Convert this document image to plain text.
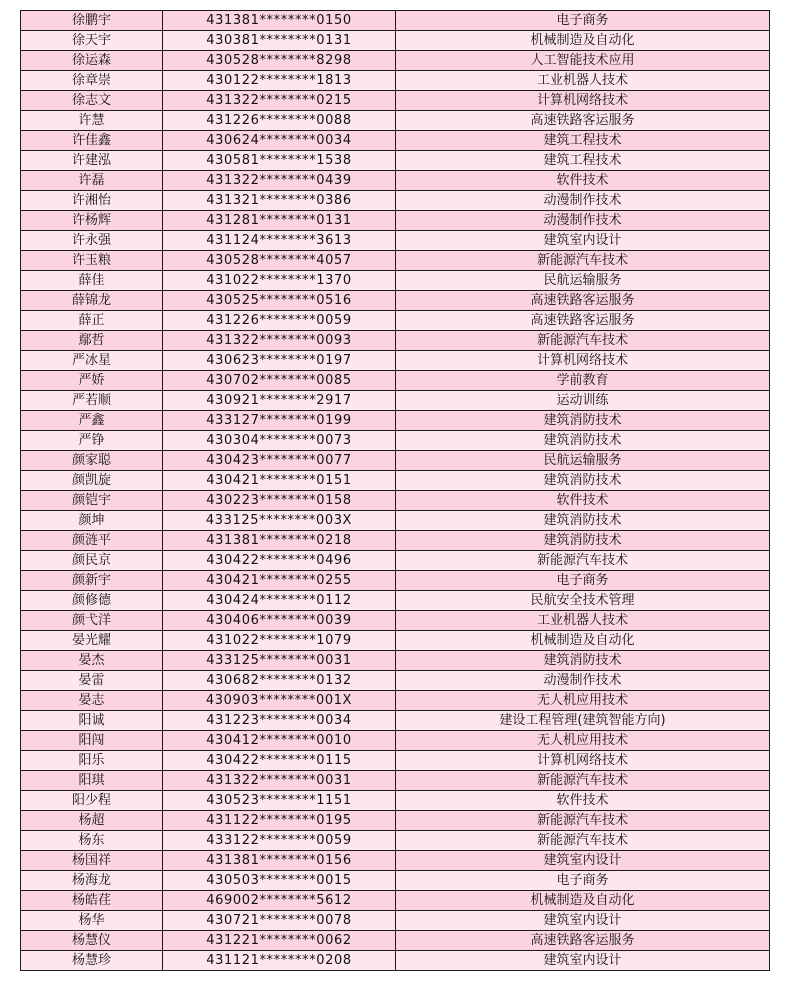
徐鹏宇	431381********0150	电子商务
徐天宇	430381********0131	机械制造及自动化
徐运森	430528********8298	人工智能技术应用
徐章崇	430122********1813	工业机器人技术
徐志文	431322********0215	计算机网络技术
许慧	431226********0088	高速铁路客运服务
许佳鑫	430624********0034	建筑工程技术
许建泓	430581********1538	建筑工程技术
许磊	431322********0439	软件技术
许湘怡	431321********0386	动漫制作技术
许杨辉	431281********0131	动漫制作技术
许永强	431124********3613	建筑室内设计
许玉粮	430528********4057	新能源汽车技术
薛佳	431022********1370	民航运输服务
薛锦龙	430525********0516	高速铁路客运服务
薛正	431226********0059	高速铁路客运服务
鄢哲	431322********0093	新能源汽车技术
严冰星	430623********0197	计算机网络技术
严娇	430702********0085	学前教育
严若顺	430921********2917	运动训练
严鑫	433127********0199	建筑消防技术
严铮	430304********0073	建筑消防技术
颜家聪	430423********0077	民航运输服务
颜凯旋	430421********0151	建筑消防技术
颜铠宇	430223********0158	软件技术
颜坤	433125********003X	建筑消防技术
颜涟平	431381********0218	建筑消防技术
颜民京	430422********0496	新能源汽车技术
颜新宇	430421********0255	电子商务
颜修德	430424********0112	民航安全技术管理
颜弋洋	430406********0039	工业机器人技术
晏光耀	431022********1079	机械制造及自动化
晏杰	433125********0031	建筑消防技术
晏雷	430682********0132	动漫制作技术
晏志	430903********001X	无人机应用技术
阳诚	431223********0034	建设工程管理(建筑智能方向)
阳闯	430412********0010	无人机应用技术
阳乐	430422********0115	计算机网络技术
阳琪	431322********0031	新能源汽车技术
阳少程	430523********1151	软件技术
杨超	431122********0195	新能源汽车技术
杨东	433122********0059	新能源汽车技术
杨国祥	431381********0156	建筑室内设计
杨海龙	430503********0015	电子商务
杨皓荏	469002********5612	机械制造及自动化
杨华	430721********0078	建筑室内设计
杨慧仪	431221********0062	高速铁路客运服务
杨慧珍	431121********0208	建筑室内设计
